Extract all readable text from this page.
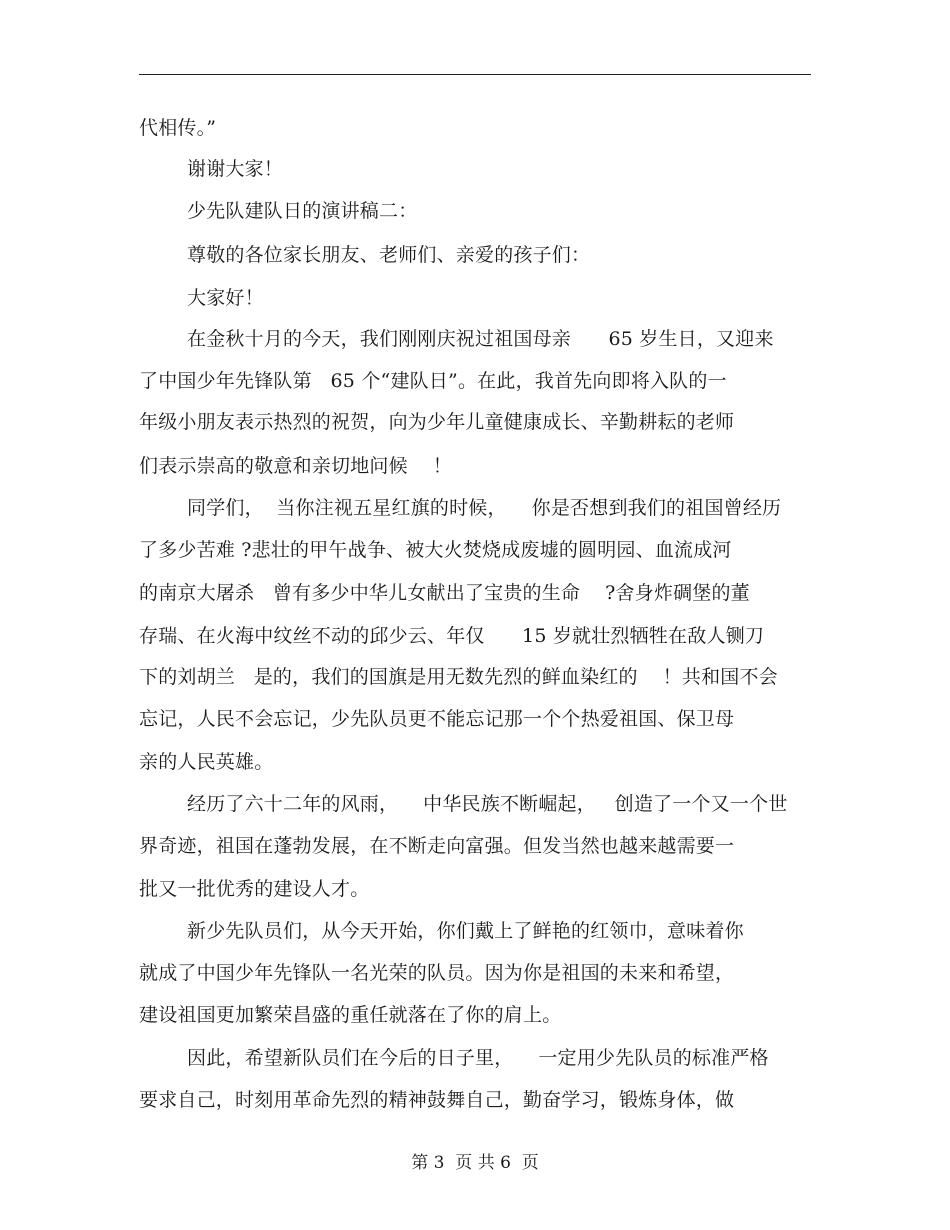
代相传。”
谢谢大家！
少先队建队日的演讲稿二：
尊敬的各位家长朋友、老师们、亲爱的孩子们：
大家好！
在金秋十月的今天，我们刚刚庆祝过祖国母亲      65 岁生日，又迎来
了中国少年先锋队第   65 个“建队日”。在此，我首先向即将入队的一
年级小朋友表示热烈的祝贺，向为少年儿童健康成长、辛勤耕耘的老师
们表示崇高的敬意和亲切地问候    ！
同学们，  当你注视五星红旗的时候，    你是否想到我们的祖国曾经历
了多少苦难 ?悲壮的甲午战争、被大火焚烧成废墟的圆明园、血流成河
的南京大屠杀   曾有多少中华儿女献出了宝贵的生命    ?舍身炸碉堡的董
存瑞、在火海中纹丝不动的邱少云、年仅      15 岁就壮烈牺牲在敌人铡刀
下的刘胡兰   是的，我们的国旗是用无数先烈的鲜血染红的    ！共和国不会
忘记，人民不会忘记，少先队员更不能忘记那一个个热爱祖国、保卫母
亲的人民英雄。
经历了六十二年的风雨，    中华民族不断崛起，   创造了一个又一个世
界奇迹，祖国在蓬勃发展，在不断走向富强。但发当然也越来越需要一
批又一批优秀的建设人才。
新少先队员们，从今天开始，你们戴上了鲜艳的红领巾，意味着你
就成了中国少年先锋队一名光荣的队员。因为你是祖国的未来和希望，
建设祖国更加繁荣昌盛的重任就落在了你的肩上。
因此，希望新队员们在今后的日子里，    一定用少先队员的标准严格
要求自己，时刻用革命先烈的精神鼓舞自己，勤奋学习，锻炼身体，做
第 3  页 共 6  页
